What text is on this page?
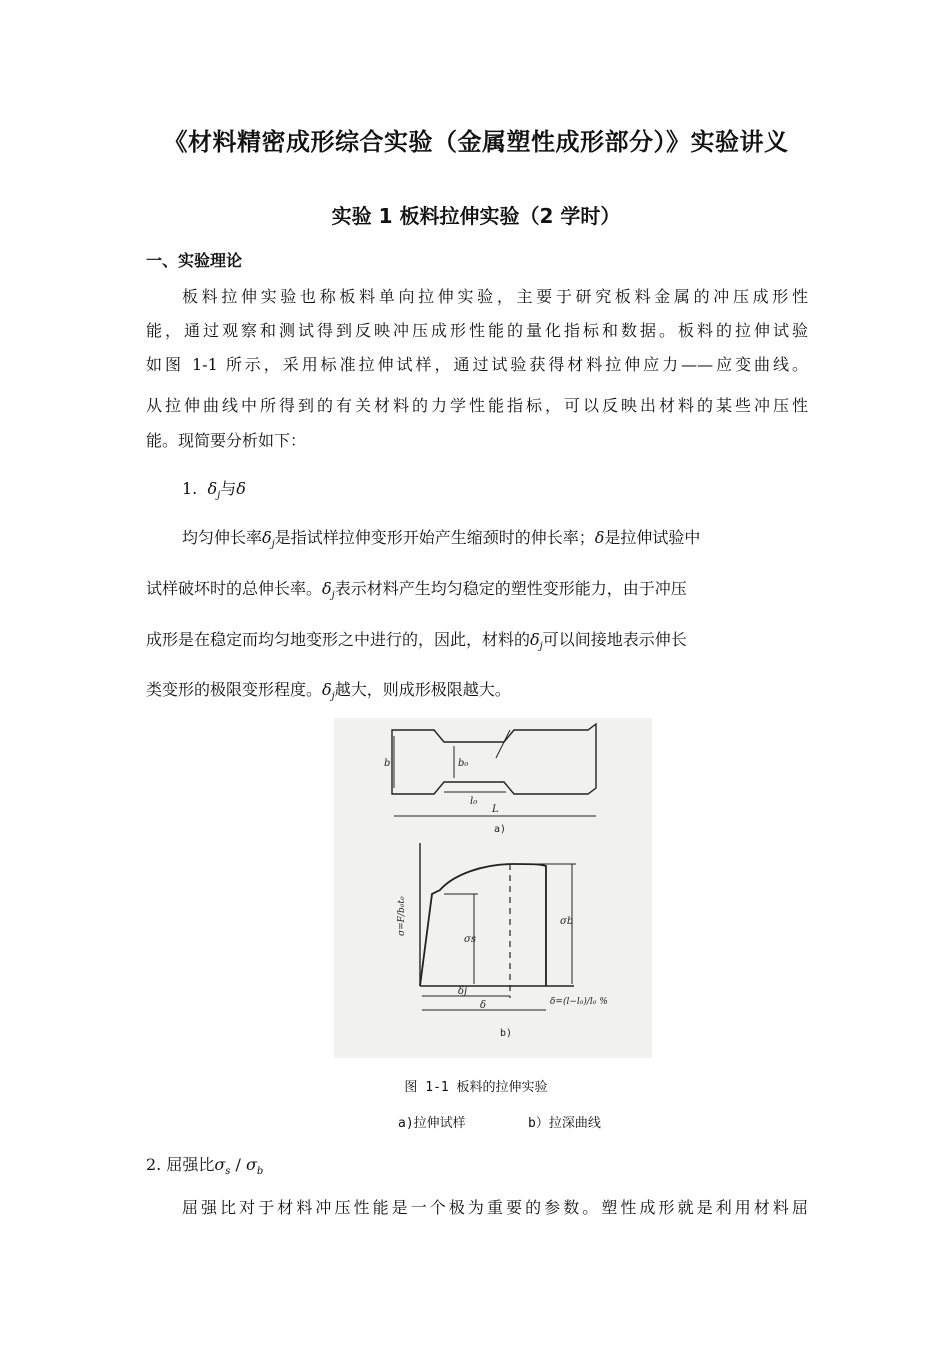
《材料精密成形综合实验（金属塑性成形部分）》实验讲义
实验 1 板料拉伸实验（2 学时）
一、实验理论
板料拉伸实验也称板料单向拉伸实验，主要于研究板料金属的冲压成形性
能，通过观察和测试得到反映冲压成形性能的量化指标和数据。板料的拉伸试验
如图 1-1 所示，采用标准拉伸试样，通过试验获得材料拉伸应力——应变曲线。
从拉伸曲线中所得到的有关材料的力学性能指标，可以反映出材料的某些冲压性
能。现简要分析如下：
1. $\delta_j$与δ
均匀伸长率$\delta_j$是指试样拉伸变形开始产生缩颈时的伸长率；δ是拉伸试验中
试样破坏时的总伸长率。$\delta_j$表示材料产生均匀稳定的塑性变形能力，由于冲压
成形是在稳定而均匀地变形之中进行的，因此，材料的$\delta_j$可以间接地表示伸长
类变形的极限变形程度。$\delta_j$越大，则成形极限越大。
b	b₀
l₀
L
σ=F/b₀t₀
σs
σb
δj
δ	δ=(l−l₀)/l₀ %
a)
b)
图 1-1 板料的拉伸实验
a)拉伸试样	b）拉深曲线
2. 屈强比$\sigma_s / \sigma_b$
屈强比对于材料冲压性能是一个极为重要的参数。塑性成形就是利用材料屈
